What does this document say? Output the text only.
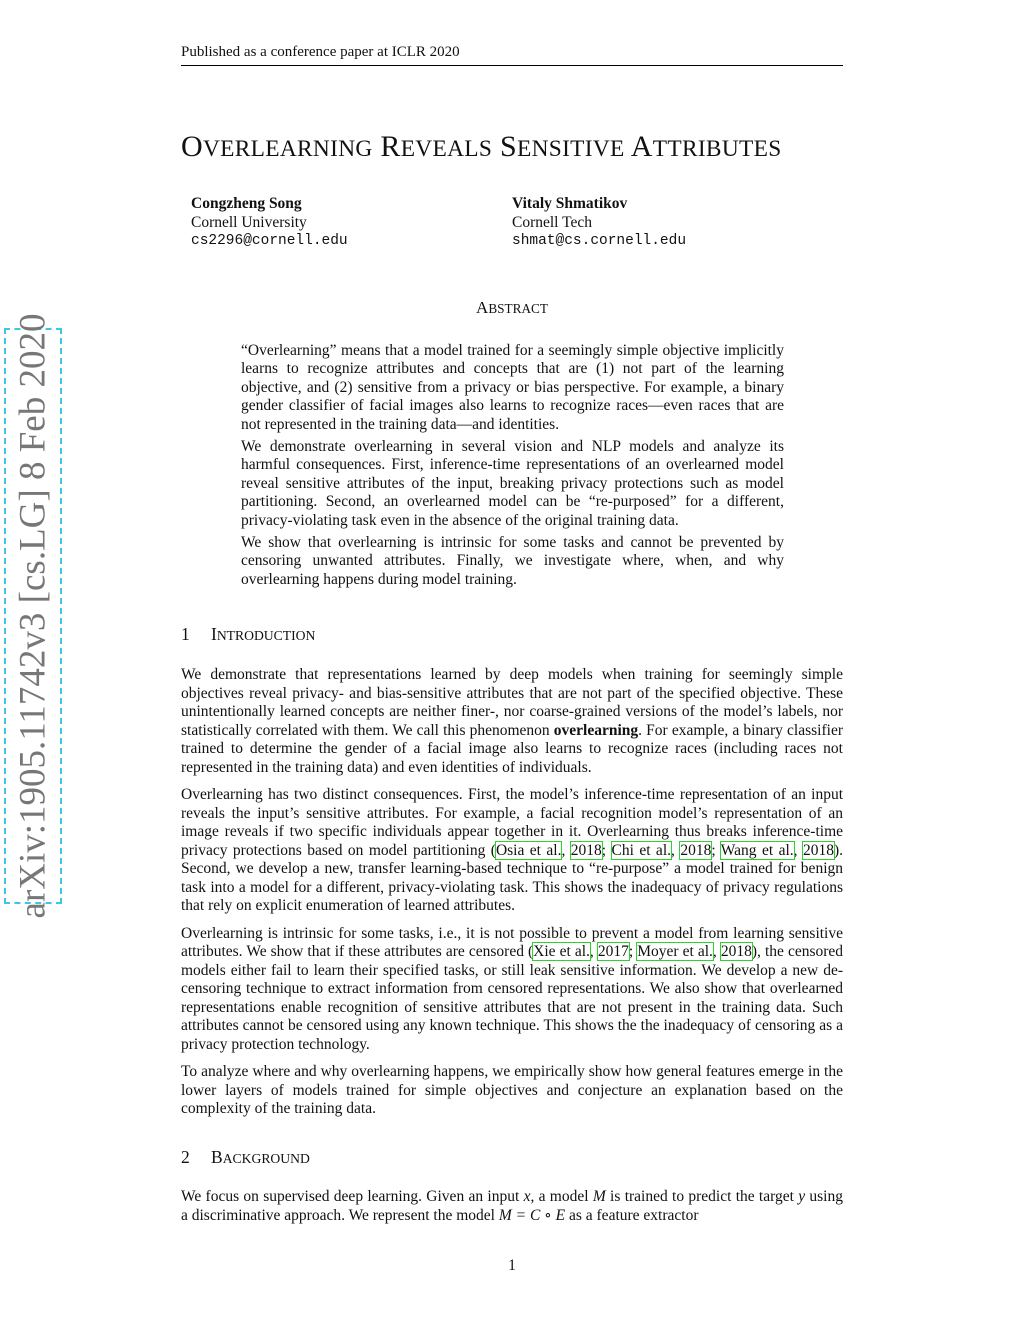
Published as a conference paper at ICLR 2020
arXiv:1905.11742v3 [cs.LG] 8 Feb 2020
OVERLEARNING REVEALS SENSITIVE ATTRIBUTES
Congzheng Song
Cornell University
cs2296@cornell.edu
Vitaly Shmatikov
Cornell Tech
shmat@cs.cornell.edu
ABSTRACT

“Overlearning” means that a model trained for a seemingly simple objective implicitly learns to recognize attributes and concepts that are (1) not part of the learning objective, and (2) sensitive from a privacy or bias perspective. For example, a binary gender classifier of facial images also learns to recognize races—even races that are not represented in the training data—and identities.

We demonstrate overlearning in several vision and NLP models and analyze its harmful consequences. First, inference-time representations of an overlearned model reveal sensitive attributes of the input, breaking privacy protections such as model partitioning. Second, an overlearned model can be “re-purposed” for a different, privacy-violating task even in the absence of the original training data.

We show that overlearning is intrinsic for some tasks and cannot be prevented by censoring unwanted attributes. Finally, we investigate where, when, and why overlearning happens during model training.

1 INTRODUCTION

We demonstrate that representations learned by deep models when training for seemingly simple objectives reveal privacy- and bias-sensitive attributes that are not part of the specified objective. These unintentionally learned concepts are neither finer-, nor coarse-grained versions of the model’s labels, nor statistically correlated with them. We call this phenomenon overlearning. For example, a binary classifier trained to determine the gender of a facial image also learns to recognize races (including races not represented in the training data) and even identities of individuals.

Overlearning has two distinct consequences. First, the model’s inference-time representation of an input reveals the input’s sensitive attributes. For example, a facial recognition model’s representation of an image reveals if two specific individuals appear together in it. Overlearning thus breaks inference-time privacy protections based on model partitioning (Osia et al., 2018; Chi et al., 2018; Wang et al., 2018). Second, we develop a new, transfer learning-based technique to “re-purpose” a model trained for benign task into a model for a different, privacy-violating task. This shows the inadequacy of privacy regulations that rely on explicit enumeration of learned attributes.

Overlearning is intrinsic for some tasks, i.e., it is not possible to prevent a model from learning sensitive attributes. We show that if these attributes are censored (Xie et al., 2017; Moyer et al., 2018), the censored models either fail to learn their specified tasks, or still leak sensitive information. We develop a new de-censoring technique to extract information from censored representations. We also show that overlearned representations enable recognition of sensitive attributes that are not present in the training data. Such attributes cannot be censored using any known technique. This shows the the inadequacy of censoring as a privacy protection technology.

To analyze where and why overlearning happens, we empirically show how general features emerge in the lower layers of models trained for simple objectives and conjecture an explanation based on the complexity of the training data.

2 BACKGROUND

We focus on supervised deep learning. Given an input x, a model M is trained to predict the target y using a discriminative approach. We represent the model M = C ∘ E as a feature extractor

1
